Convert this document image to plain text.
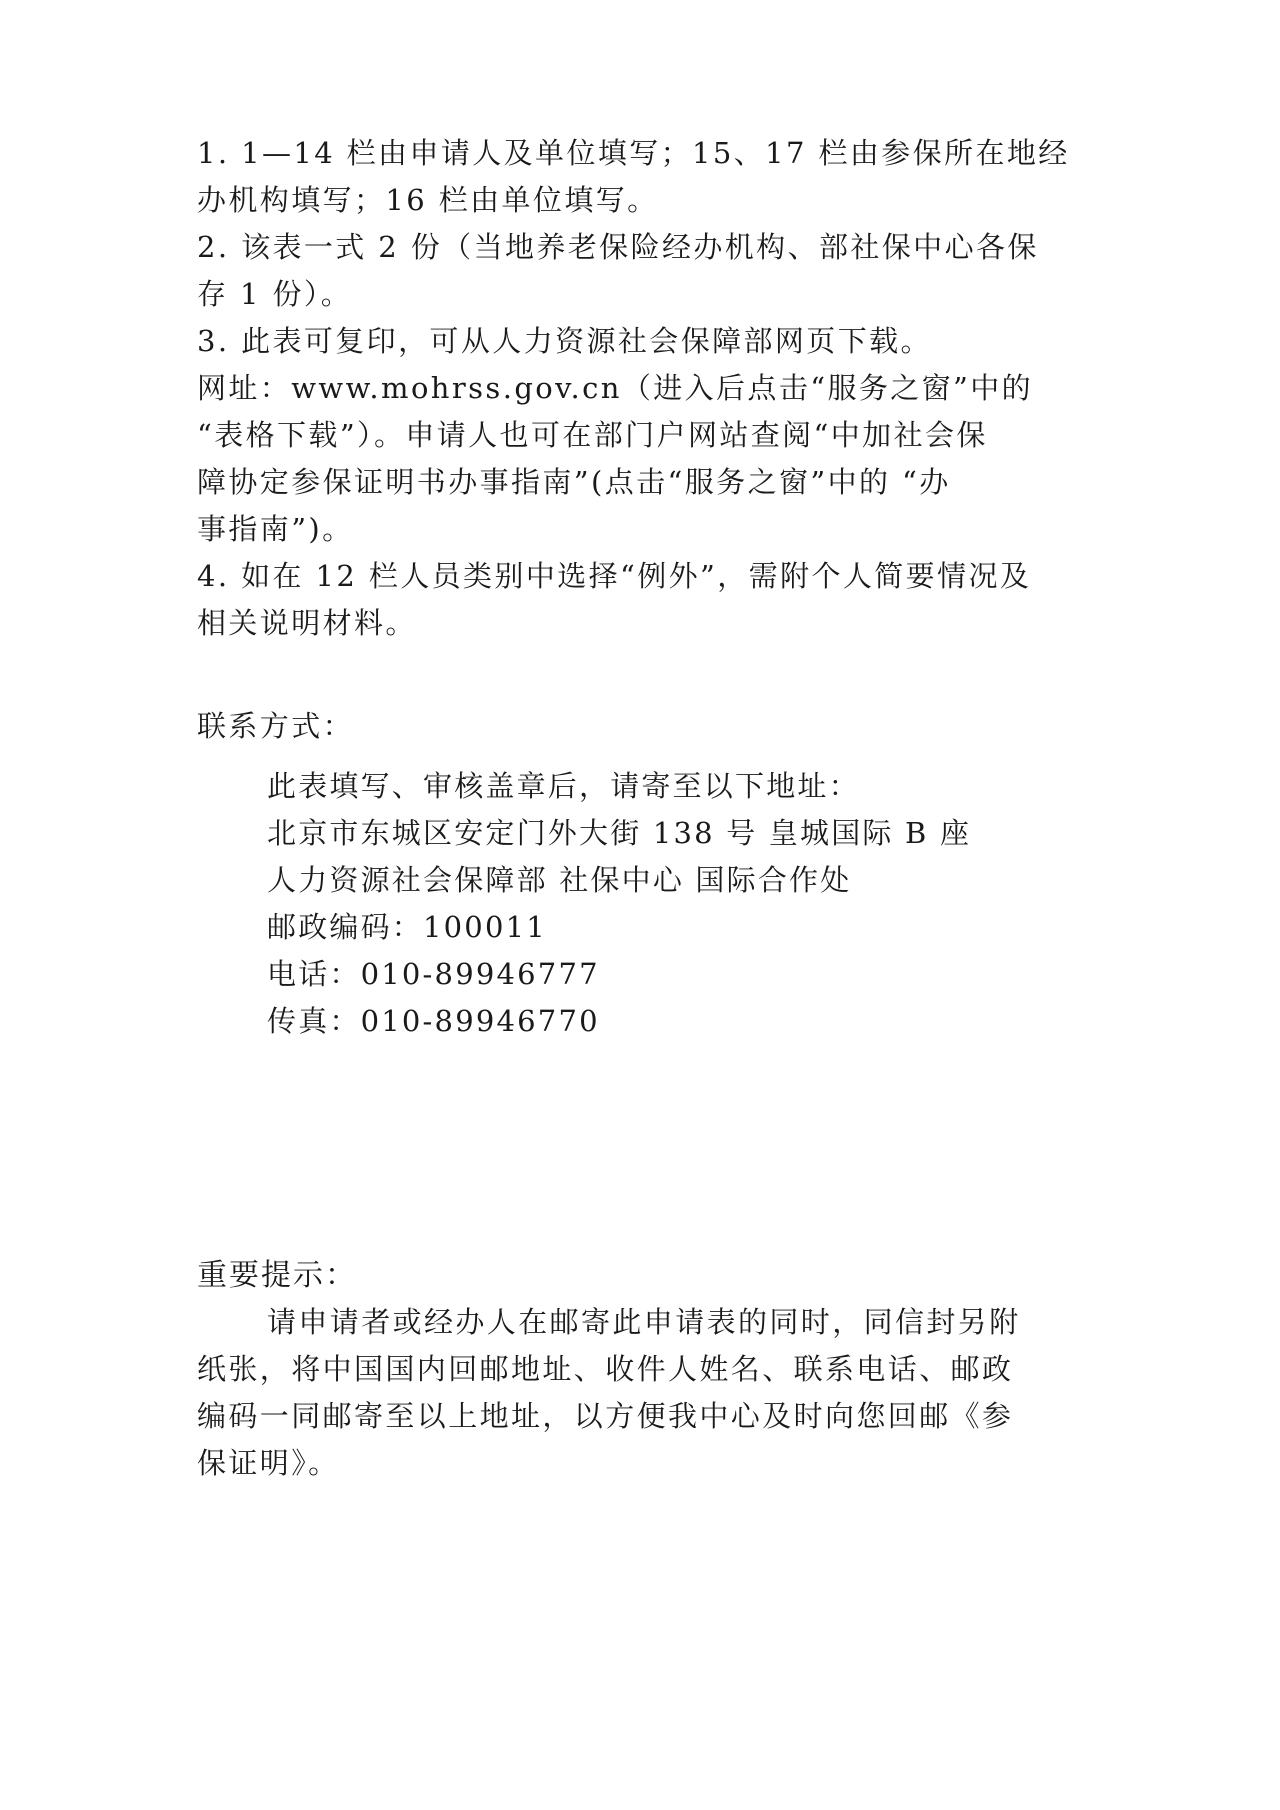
1. 1—14 栏由申请人及单位填写；15、17 栏由参保所在地经

办机构填写；16 栏由单位填写。

2. 该表一式 2 份（当地养老保险经办机构、部社保中心各保

存 1 份）。

3. 此表可复印，可从人力资源社会保障部网页下载。

网址：www.mohrss.gov.cn（进入后点击“服务之窗”中的

“表格下载”）。申请人也可在部门户网站查阅“中加社会保

障协定参保证明书办事指南”(点击“服务之窗”中的 “办

事指南”)。

4. 如在 12 栏人员类别中选择“例外”，需附个人简要情况及

相关说明材料。

联系方式：

此表填写、审核盖章后，请寄至以下地址：

北京市东城区安定门外大街 138 号 皇城国际 B 座

人力资源社会保障部 社保中心 国际合作处

邮政编码：100011

电话：010-89946777

传真：010-89946770

重要提示：

请申请者或经办人在邮寄此申请表的同时，同信封另附

纸张，将中国国内回邮地址、收件人姓名、联系电话、邮政

编码一同邮寄至以上地址，以方便我中心及时向您回邮《参

保证明》。
